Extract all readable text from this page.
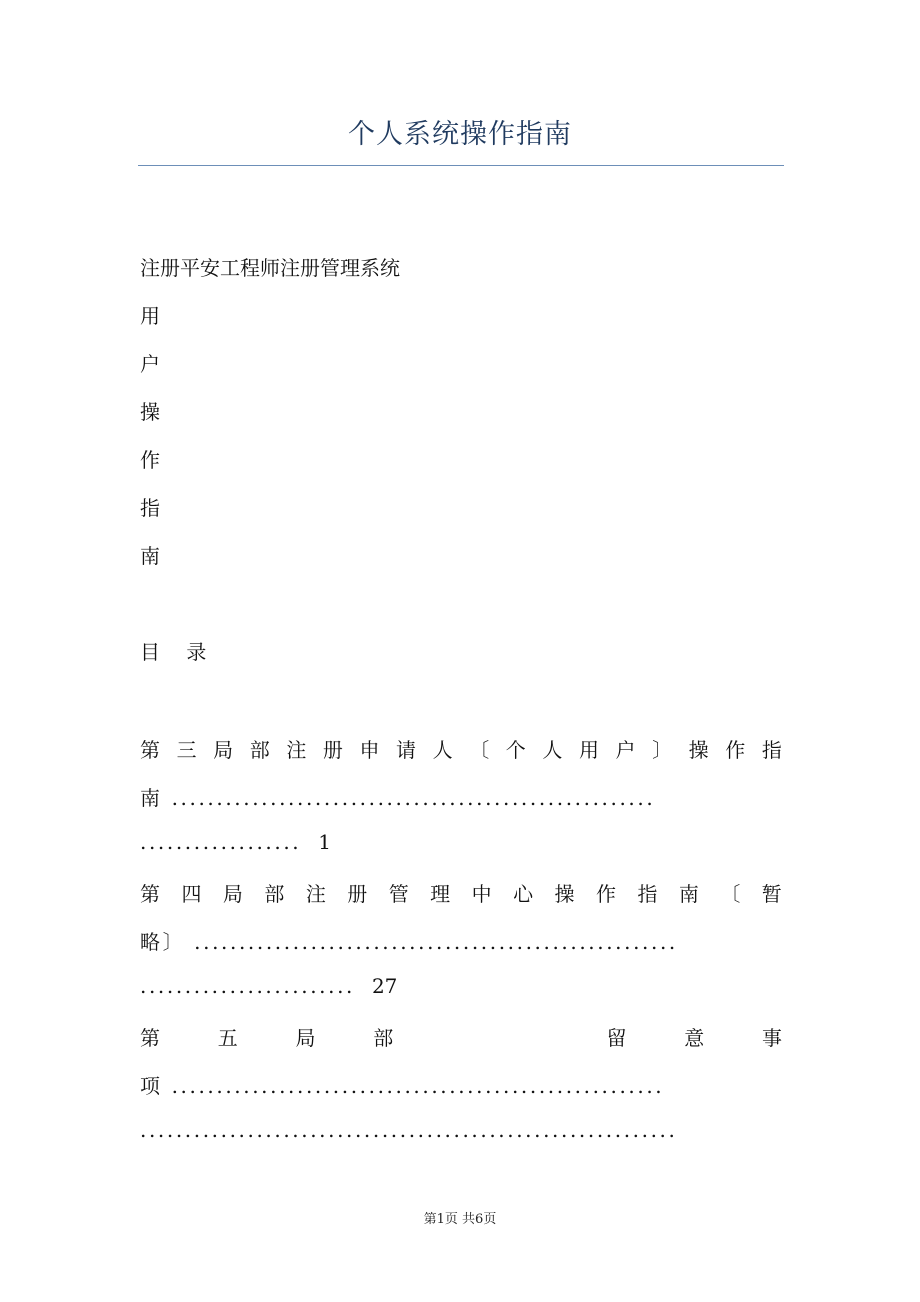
个人系统操作指南
注册平安工程师注册管理系统
用
户
操
作
指
南
目 录
第 三 局 部 注 册 申 请 人 〔 个 人 用 户 〕 操 作 指
南 ......................................................
.................. 1
第 四 局 部 注 册 管 理 中 心 操 作 指 南 〔 暂
略〕 ......................................................
........................ 27
第	五	局	部	留	意	事
项 .......................................................
............................................................
第1页 共6页
